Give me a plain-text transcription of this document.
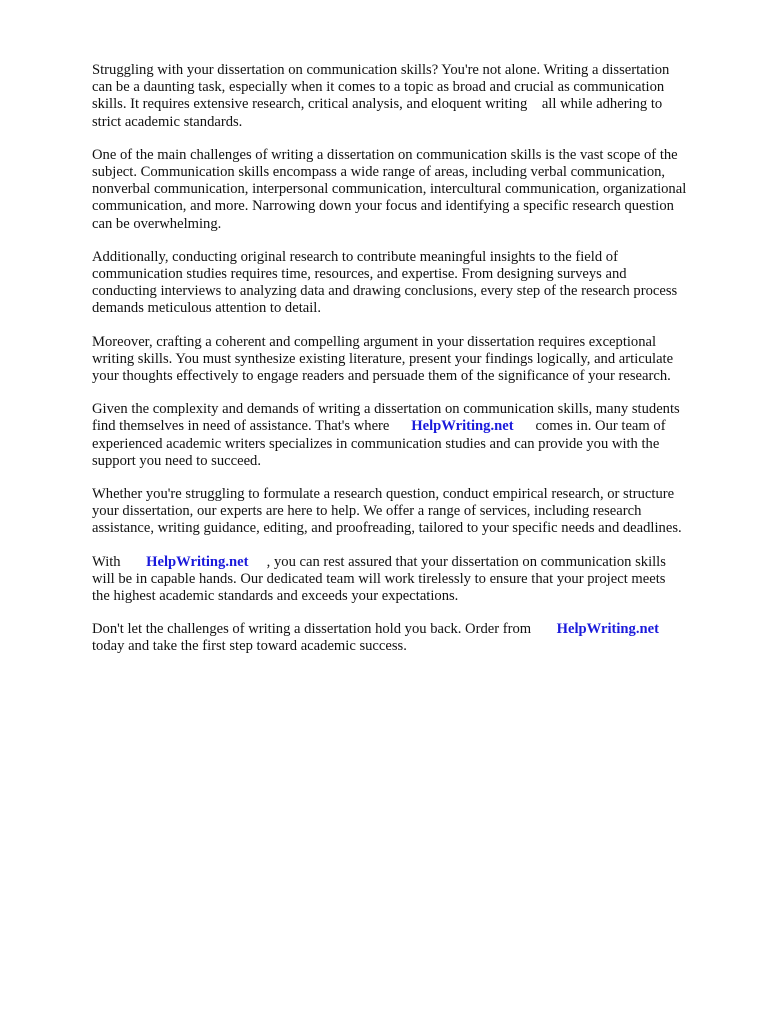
Struggling with your dissertation on communication skills? You're not alone. Writing a dissertation
can be a daunting task, especially when it comes to a topic as broad and crucial as communication
skills. It requires extensive research, critical analysis, and eloquent writing    all while adhering to
strict academic standards.

One of the main challenges of writing a dissertation on communication skills is the vast scope of the
subject. Communication skills encompass a wide range of areas, including verbal communication,
nonverbal communication, interpersonal communication, intercultural communication, organizational
communication, and more. Narrowing down your focus and identifying a specific research question
can be overwhelming.

Additionally, conducting original research to contribute meaningful insights to the field of
communication studies requires time, resources, and expertise. From designing surveys and
conducting interviews to analyzing data and drawing conclusions, every step of the research process
demands meticulous attention to detail.

Moreover, crafting a coherent and compelling argument in your dissertation requires exceptional
writing skills. You must synthesize existing literature, present your findings logically, and articulate
your thoughts effectively to engage readers and persuade them of the significance of your research.

Given the complexity and demands of writing a dissertation on communication skills, many students
find themselves in need of assistance. That's where      HelpWriting.net      comes in. Our team of
experienced academic writers specializes in communication studies and can provide you with the
support you need to succeed.

Whether you're struggling to formulate a research question, conduct empirical research, or structure
your dissertation, our experts are here to help. We offer a range of services, including research
assistance, writing guidance, editing, and proofreading, tailored to your specific needs and deadlines.

With       HelpWriting.net     , you can rest assured that your dissertation on communication skills
will be in capable hands. Our dedicated team will work tirelessly to ensure that your project meets
the highest academic standards and exceeds your expectations.

Don't let the challenges of writing a dissertation hold you back. Order from       HelpWriting.net
today and take the first step toward academic success.
